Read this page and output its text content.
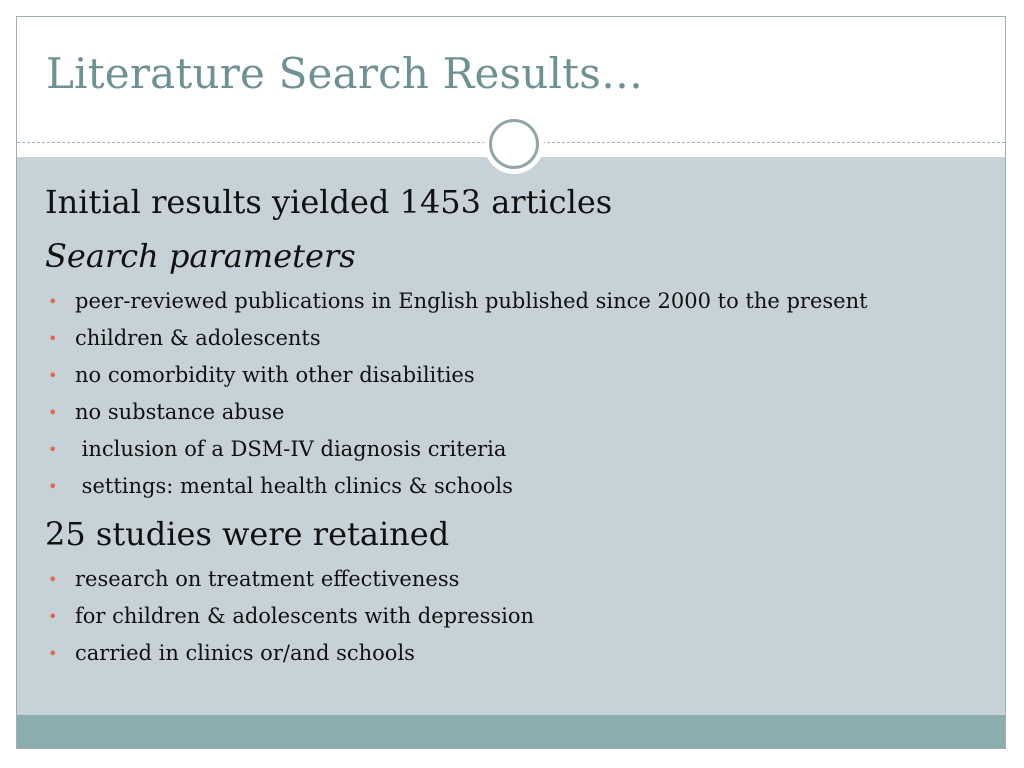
Literature Search Results…

Initial results yielded 1453 articles

Search parameters

• peer-reviewed publications in English published since 2000 to the present
• children & adolescents
• no comorbidity with other disabilities
• no substance abuse
• inclusion of a DSM-IV diagnosis criteria
• settings: mental health clinics & schools

25 studies were retained

• research on treatment effectiveness
• for children & adolescents with depression
• carried in clinics or/and schools
